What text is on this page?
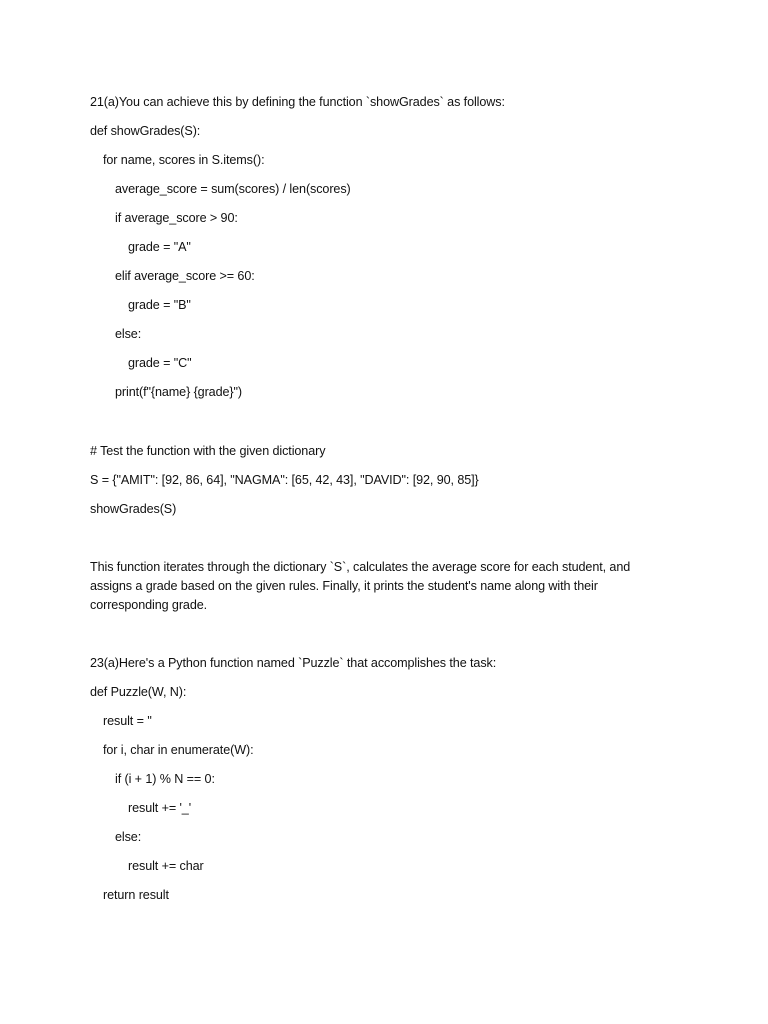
21(a)You can achieve this by defining the function `showGrades` as follows:
def showGrades(S):
for name, scores in S.items():
average_score = sum(scores) / len(scores)
if average_score > 90:
grade = "A"
elif average_score >= 60:
grade = "B"
else:
grade = "C"
print(f"{name} {grade}")
# Test the function with the given dictionary
S = {"AMIT": [92, 86, 64], "NAGMA": [65, 42, 43], "DAVID": [92, 90, 85]}
showGrades(S)
This function iterates through the dictionary `S`, calculates the average score for each student, and assigns a grade based on the given rules. Finally, it prints the student's name along with their corresponding grade.
23(a)Here's a Python function named `Puzzle` that accomplishes the task:
def Puzzle(W, N):
result = ''
for i, char in enumerate(W):
if (i + 1) % N == 0:
result += '_'
else:
result += char
return result
